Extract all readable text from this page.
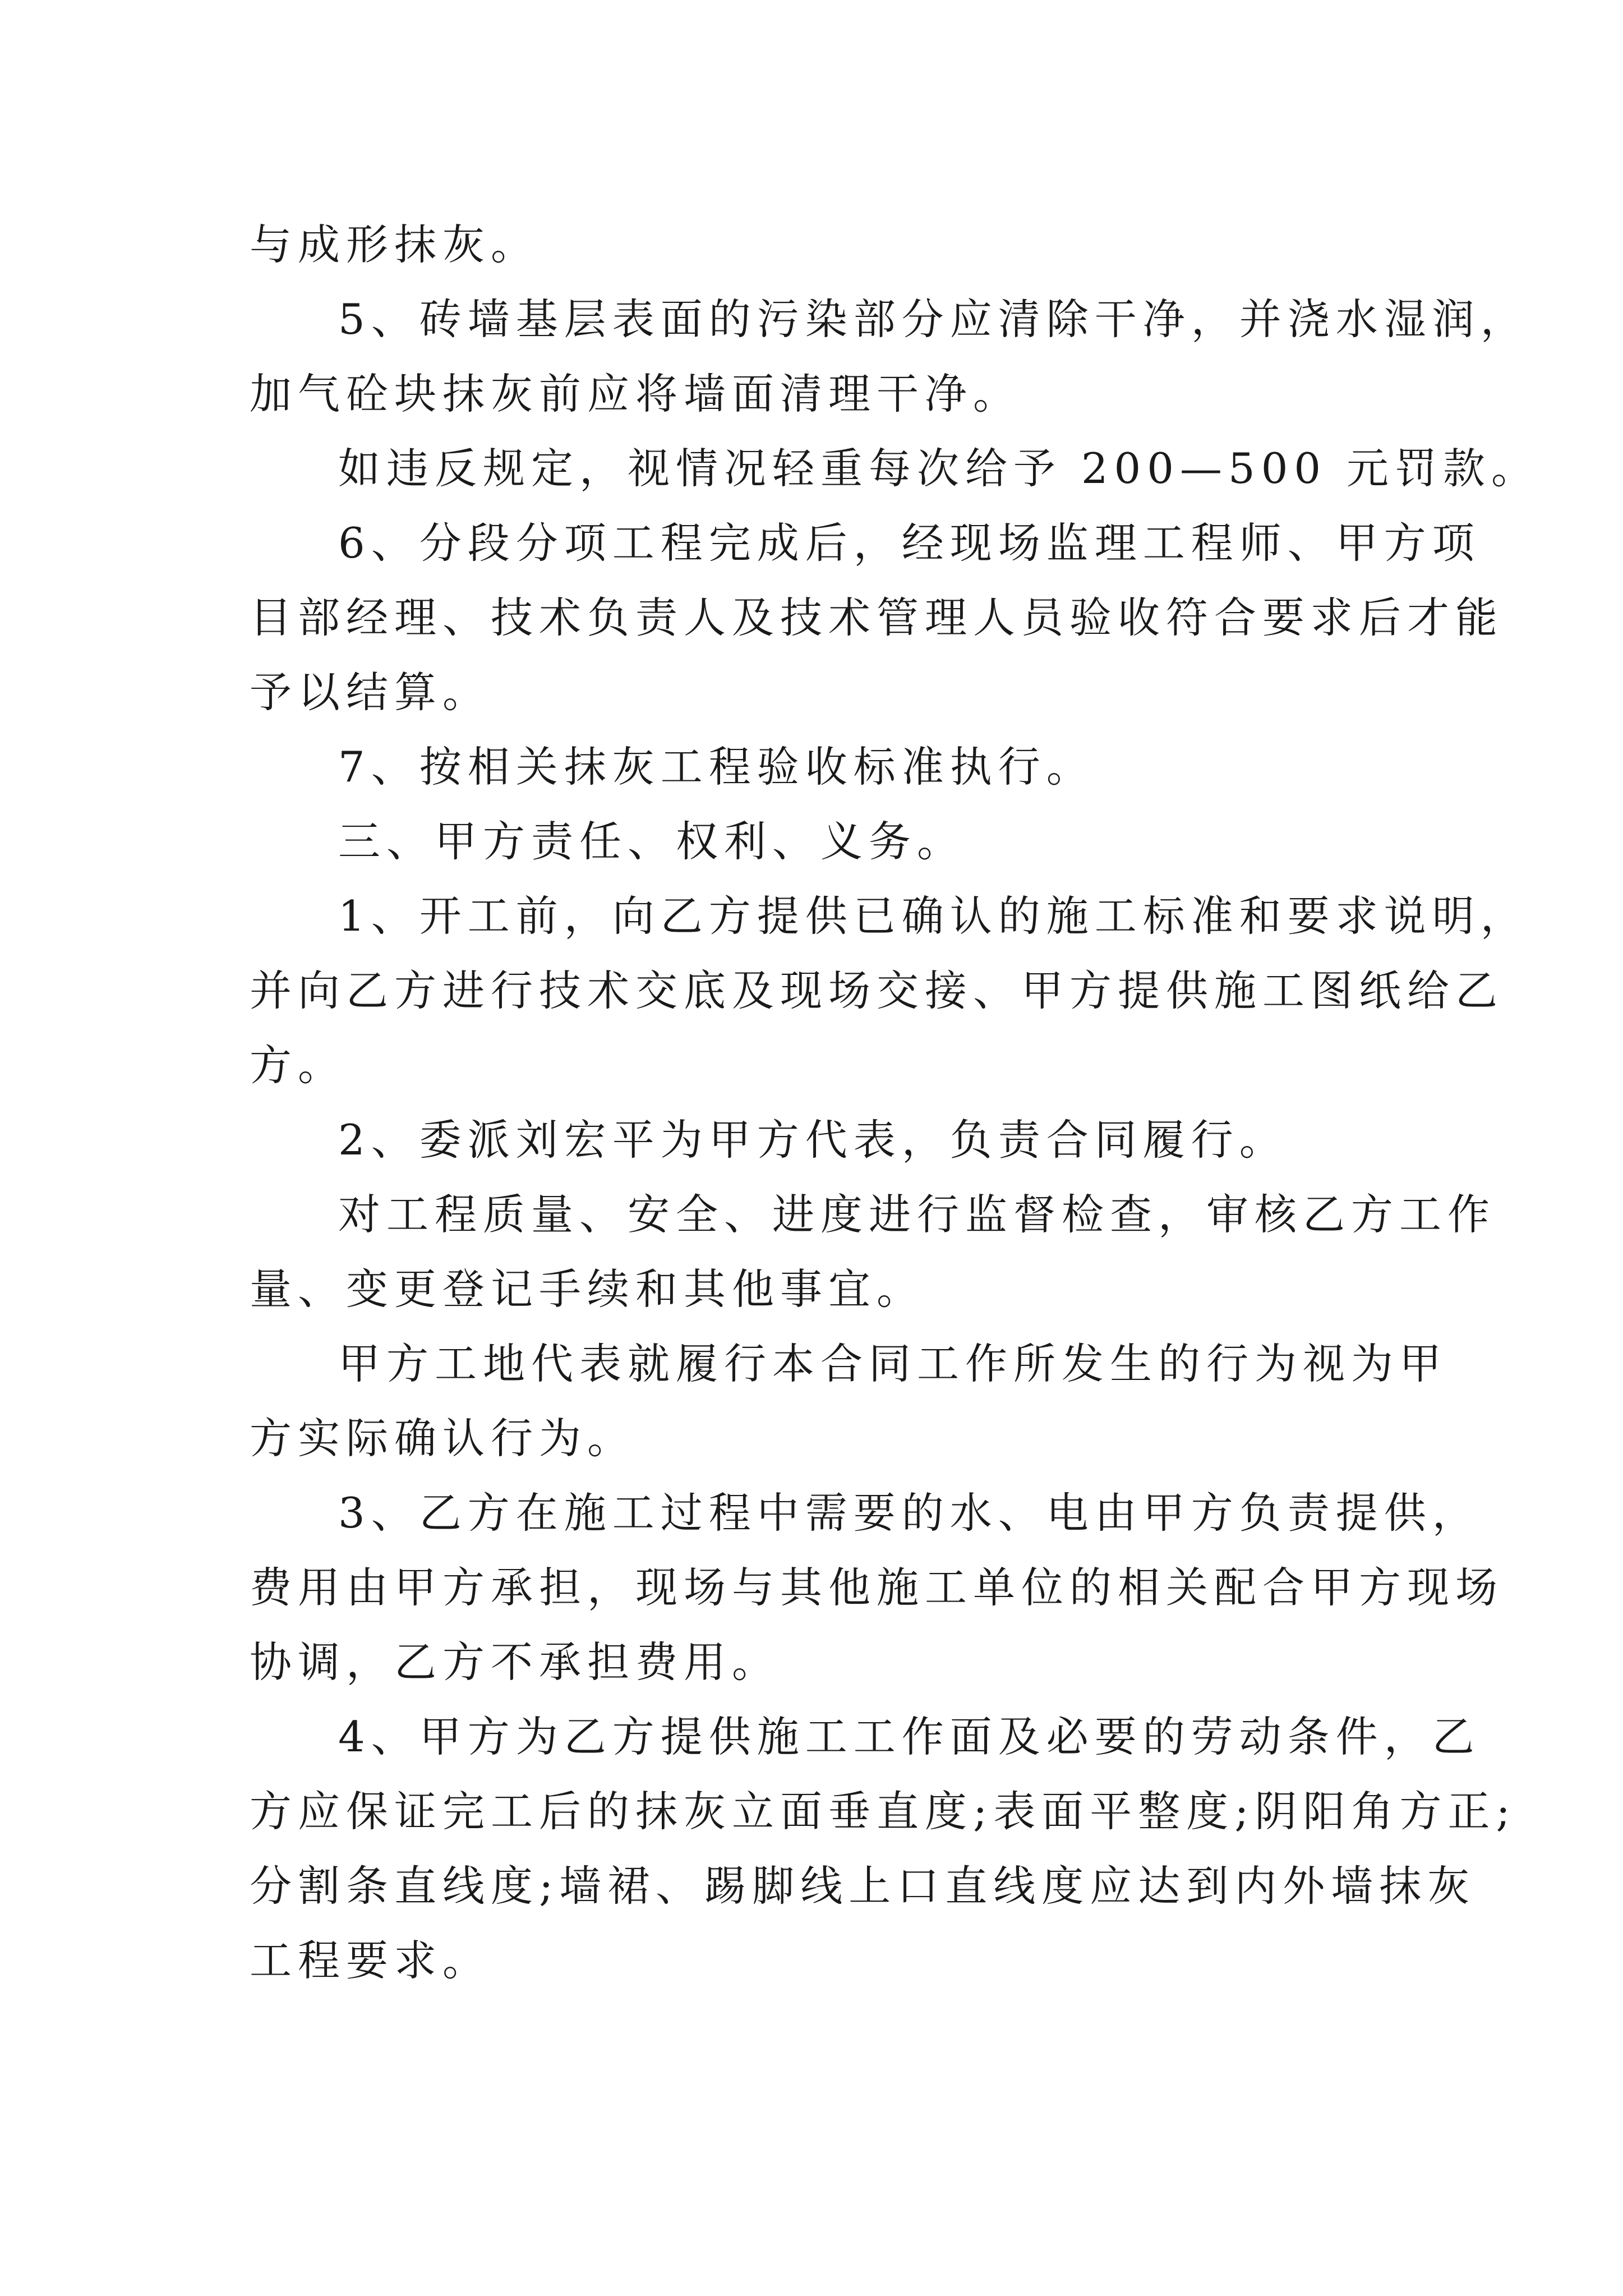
与成形抹灰。
5、砖墙基层表面的污染部分应清除干净，并浇水湿润，
加气砼块抹灰前应将墙面清理干净。
如违反规定，视情况轻重每次给予 200—500 元罚款。
6、分段分项工程完成后，经现场监理工程师、甲方项
目部经理、技术负责人及技术管理人员验收符合要求后才能
予以结算。
7、按相关抹灰工程验收标准执行。
三、甲方责任、权利、义务。
1、开工前，向乙方提供已确认的施工标准和要求说明，
并向乙方进行技术交底及现场交接、甲方提供施工图纸给乙
方。
2、委派刘宏平为甲方代表，负责合同履行。
对工程质量、安全、进度进行监督检查，审核乙方工作
量、变更登记手续和其他事宜。
甲方工地代表就履行本合同工作所发生的行为视为甲
方实际确认行为。
3、乙方在施工过程中需要的水、电由甲方负责提供，
费用由甲方承担，现场与其他施工单位的相关配合甲方现场
协调，乙方不承担费用。
4、甲方为乙方提供施工工作面及必要的劳动条件，乙
方应保证完工后的抹灰立面垂直度;表面平整度;阴阳角方正;
分割条直线度;墙裙、踢脚线上口直线度应达到内外墙抹灰
工程要求。
